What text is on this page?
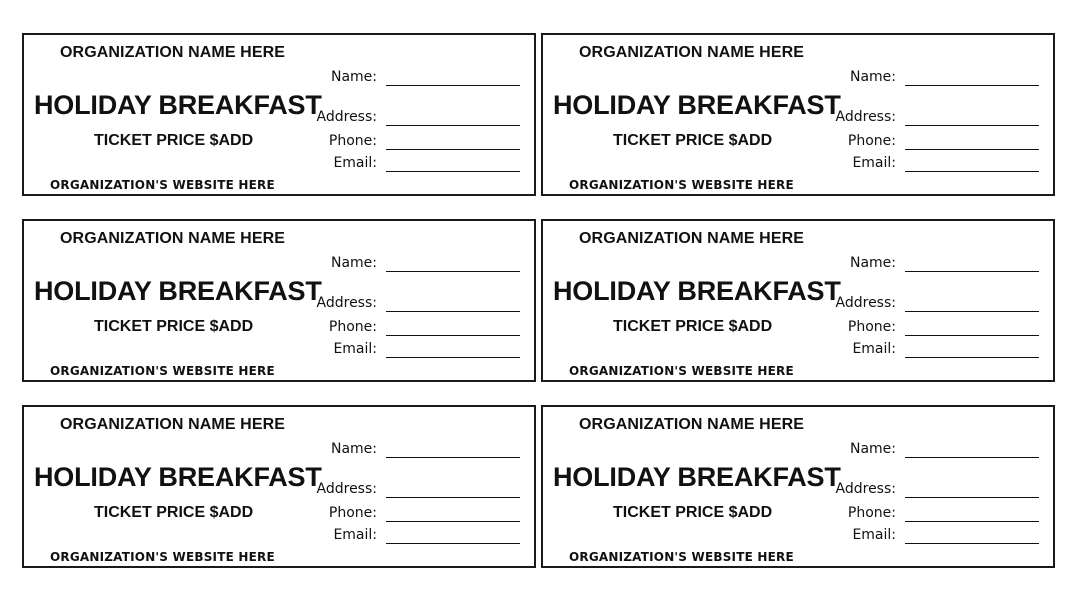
ORGANIZATION NAME HERE
HOLIDAY BREAKFAST
TICKET PRICE $ADD
ORGANIZATION'S WEBSITE HERE
Name:
Address:
Phone:
Email:
ORGANIZATION NAME HERE
HOLIDAY BREAKFAST
TICKET PRICE $ADD
ORGANIZATION'S WEBSITE HERE
Name:
Address:
Phone:
Email:
ORGANIZATION NAME HERE
HOLIDAY BREAKFAST
TICKET PRICE $ADD
ORGANIZATION'S WEBSITE HERE
Name:
Address:
Phone:
Email:
ORGANIZATION NAME HERE
HOLIDAY BREAKFAST
TICKET PRICE $ADD
ORGANIZATION'S WEBSITE HERE
Name:
Address:
Phone:
Email:
ORGANIZATION NAME HERE
HOLIDAY BREAKFAST
TICKET PRICE $ADD
ORGANIZATION'S WEBSITE HERE
Name:
Address:
Phone:
Email:
ORGANIZATION NAME HERE
HOLIDAY BREAKFAST
TICKET PRICE $ADD
ORGANIZATION'S WEBSITE HERE
Name:
Address:
Phone:
Email:
